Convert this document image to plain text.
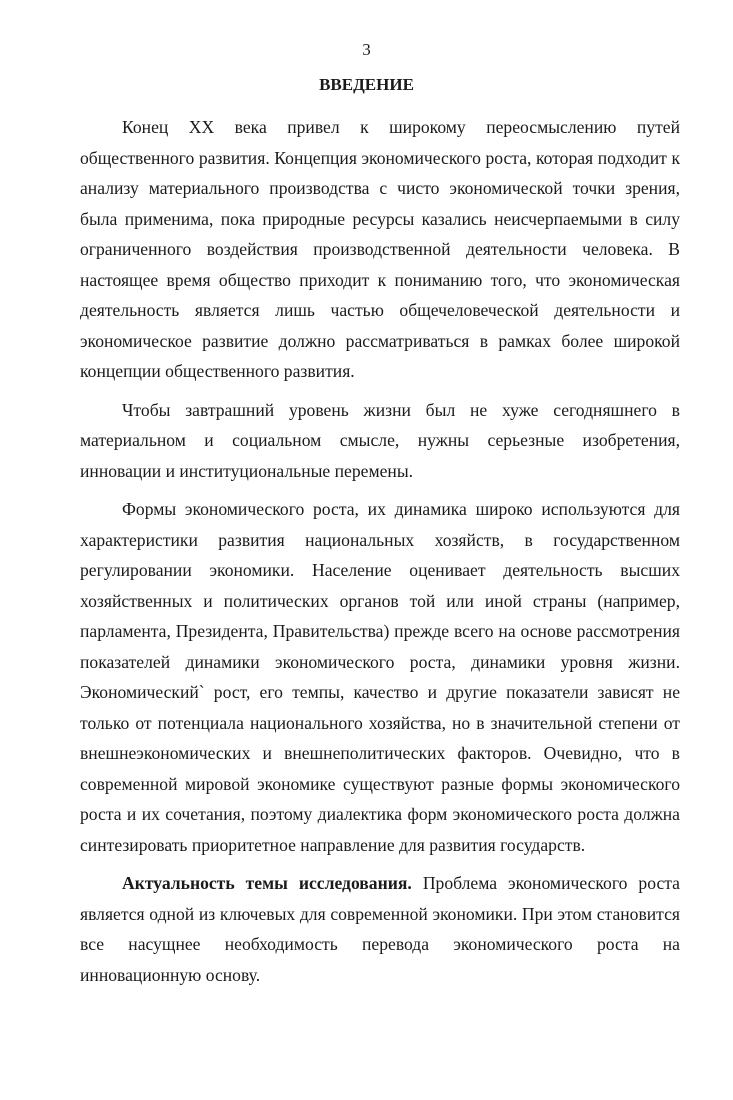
3
ВВЕДЕНИЕ

Конец XX века привел к широкому переосмыслению путей общественного развития. Концепция экономического роста, которая подходит к анализу материального производства с чисто экономической точки зрения, была применима, пока природные ресурсы казались неисчерпаемыми в силу ограниченного воздействия производственной деятельности человека. В настоящее время общество приходит к пониманию того, что экономическая деятельность является лишь частью общечеловеческой деятельности и экономическое развитие должно рассматриваться в рамках более широкой концепции общественного развития.

Чтобы завтрашний уровень жизни был не хуже сегодняшнего в материальном и социальном смысле, нужны серьезные изобретения, инновации и институциональные перемены.

Формы экономического роста, их динамика широко используются для характеристики развития национальных хозяйств, в государственном регулировании экономики. Население оценивает деятельность высших хозяйственных и политических органов той или иной страны (например, парламента, Президента, Правительства) прежде всего на основе рассмотрения показателей динамики экономического роста, динамики уровня жизни. Экономический` рост, его темпы, качество и другие показатели зависят не только от потенциала национального хозяйства, но в значительной степени от внешнеэкономических и внешнеполитических факторов. Очевидно, что в современной мировой экономике существуют разные формы экономического роста и их сочетания, поэтому диалектика форм экономического роста должна синтезировать приоритетное направление для развития государств.

Актуальность темы исследования. Проблема экономического роста является одной из ключевых для современной экономики. При этом становится все насущнее необходимость перевода экономического роста на инновационную основу.
